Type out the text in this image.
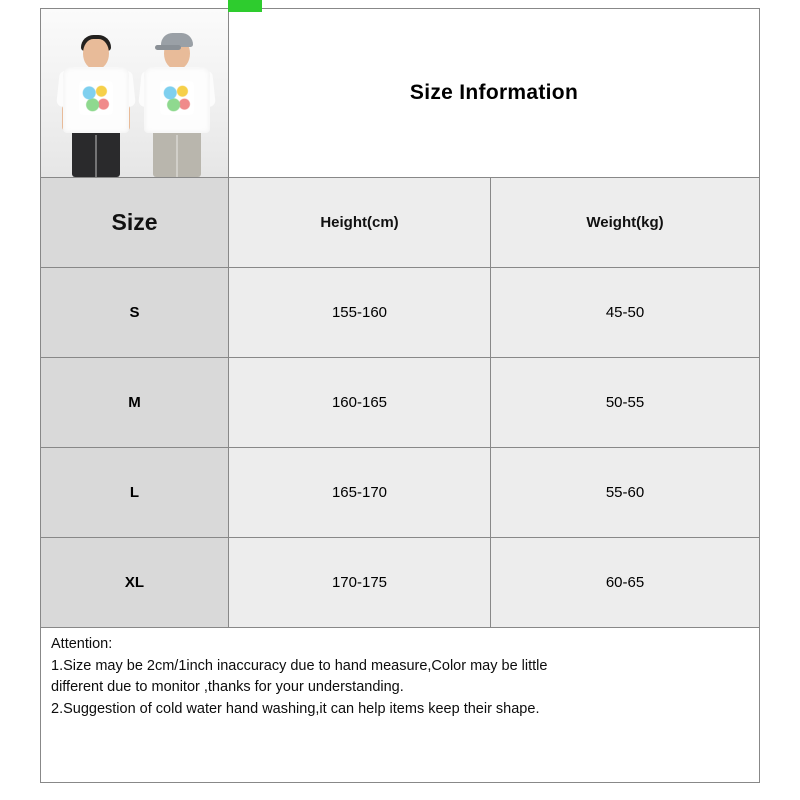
Size Information
Size	Height(cm)	Weight(kg)
S	155-160	45-50
M	160-165	50-55
L	165-170	55-60
XL	170-175	60-65

Attention:

1.Size may be 2cm/1inch inaccuracy due to hand measure,Color may be little

different due to monitor ,thanks for your understanding.

2.Suggestion of cold water hand washing,it can help items keep their shape.
